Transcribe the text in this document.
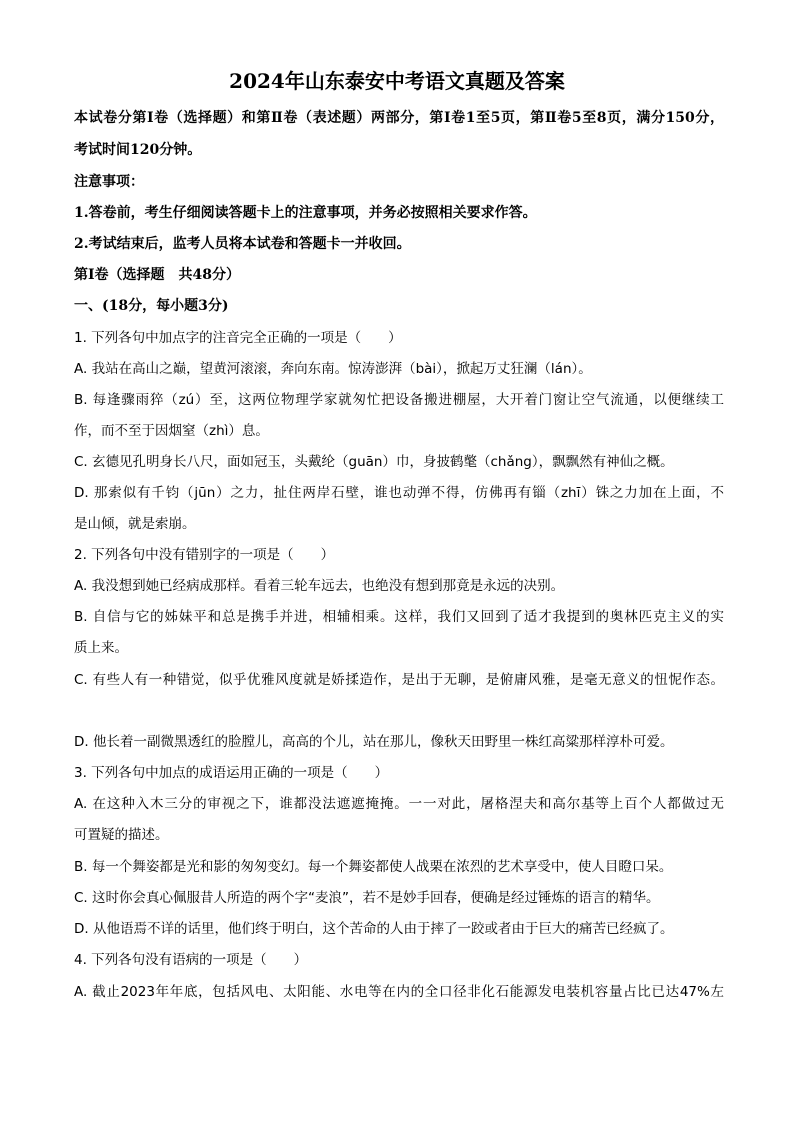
2024年山东泰安中考语文真题及答案
本试卷分第Ⅰ卷（选择题）和第Ⅱ卷（表述题）两部分，第Ⅰ卷1至5页，第Ⅱ卷5至8页，满分150分，
考试时间120分钟。
注意事项：
1.答卷前，考生仔细阅读答题卡上的注意事项，并务必按照相关要求作答。
2.考试结束后，监考人员将本试卷和答题卡一并收回。
第Ⅰ卷（选择题　共48分）
一、(18分，每小题3分)
1. 下列各句中加点字的注音完全正确的一项是（　　）
A. 我站在高山之巅，望黄河滚滚，奔向东南。惊涛澎湃（bài），掀起万丈狂澜（lán）。
B. 每逢骤雨猝（zú）至，这两位物理学家就匆忙把设备搬进棚屋，大开着门窗让空气流通，以便继续工
作，而不至于因烟窒（zhì）息。
C. 玄德见孔明身长八尺，面如冠玉，头戴纶（guān）巾，身披鹤氅（chǎng），飘飘然有神仙之概。
D. 那索似有千钧（jūn）之力，扯住两岸石壁，谁也动弹不得，仿佛再有锱（zhī）铢之力加在上面，不
是山倾，就是索崩。
2. 下列各句中没有错别字的一项是（　　）
A. 我没想到她已经病成那样。看着三轮车远去，也绝没有想到那竟是永远的决别。
B. 自信与它的姊妹平和总是携手并进，相辅相乘。这样，我们又回到了适才我提到的奥林匹克主义的实
质上来。
C. 有些人有一种错觉，似乎优雅风度就是娇揉造作，是出于无聊，是俯庸风雅，是毫无意义的忸怩作态。
D. 他长着一副微黑透红的脸膛儿，高高的个儿，站在那儿，像秋天田野里一株红高粱那样淳朴可爱。
3. 下列各句中加点的成语运用正确的一项是（　　）
A. 在这种入木三分的审视之下，谁都没法遮遮掩掩。一一对此，屠格涅夫和高尔基等上百个人都做过无
可置疑的描述。
B. 每一个舞姿都是光和影的匆匆变幻。每一个舞姿都使人战栗在浓烈的艺术享受中，使人目瞪口呆。
C. 这时你会真心佩服昔人所造的两个字“麦浪”，若不是妙手回春，便确是经过锤炼的语言的精华。
D. 从他语焉不详的话里，他们终于明白，这个苦命的人由于摔了一跤或者由于巨大的痛苦已经疯了。
4. 下列各句没有语病的一项是（　　）
A. 截止2023年年底，包括风电、太阳能、水电等在内的全口径非化石能源发电装机容量占比已达47%左
